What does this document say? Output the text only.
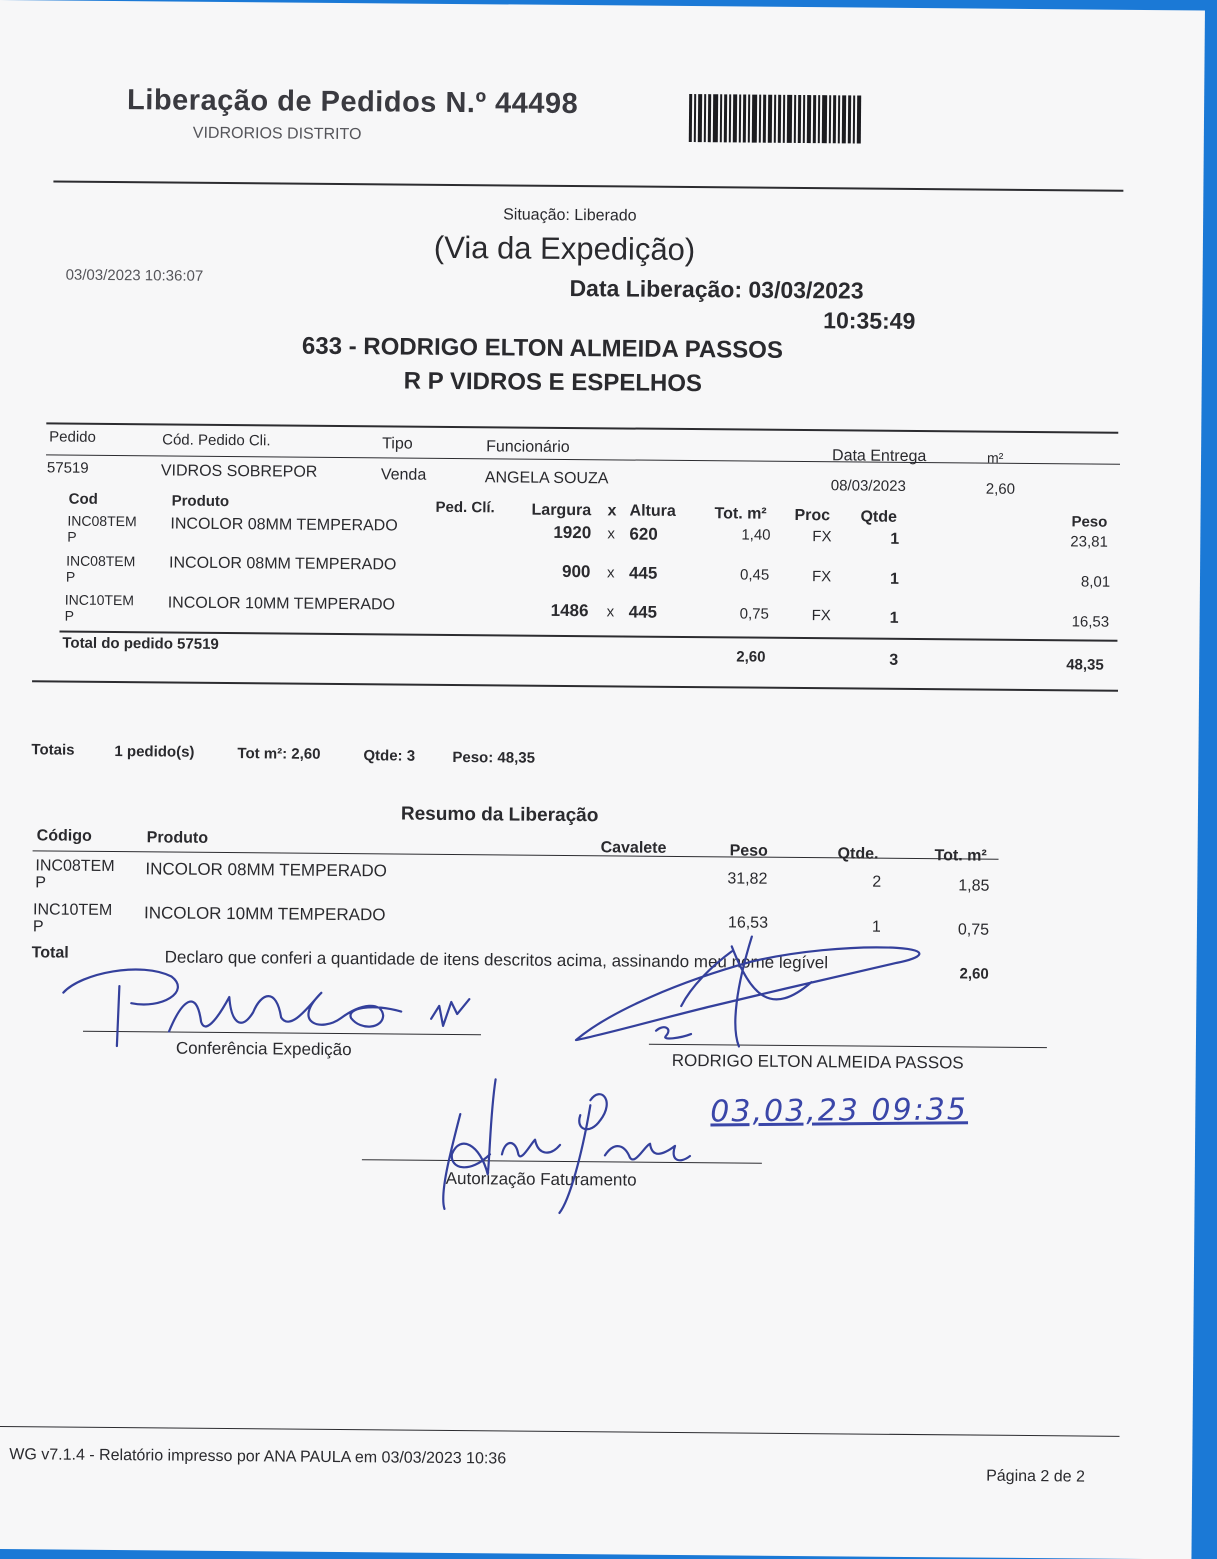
Liberação de Pedidos N.º 44498
VIDRORIOS DISTRITO
Situação: Liberado
(Via da Expedição)
03/03/2023 10:36:07	Data Liberação: 03/03/2023
10:35:49
633 - RODRIGO ELTON ALMEIDA PASSOS
R P VIDROS E ESPELHOS
Pedido	Cód. Pedido Cli.	Tipo	Funcionário
Data Entrega	m²
57519	VIDROS SOBREPOR	Venda	ANGELA SOUZA	08/03/2023	2,60
Cod	Produto	Ped. Clí. Largura x Altura Tot. m² Proc Qtde	Peso
INC08TEM
P
INCOLOR 08MM TEMPERADO	1920 x 620	1,40	FX	1	23,81
INC08TEM
P
INCOLOR 08MM TEMPERADO	900 x 445	0,45	FX	1	8,01
INC10TEM
P
INCOLOR 10MM TEMPERADO	1486 x 445	0,75	FX	1	16,53
Total do pedido 57519
2,60	3	48,35
Totais	1 pedido(s)	Tot m²: 2,60	Qtde: 3 Peso: 48,35
Resumo da Liberação
Código	Produto
Cavalete	Peso	Qtde.	Tot. m²
INC08TEM
P
INCOLOR 08MM TEMPERADO	31,82	2	1,85
INC10TEM
P
INCOLOR 10MM TEMPERADO	16,53	1	0,75
Total	Declaro que conferi a quantidade de itens descritos acima, assinando meu nome legível
2,60
Conferência Expedição
RODRIGO ELTON ALMEIDA PASSOS
Autorização Faturamento
03,03,23 09:35
WG v7.1.4 - Relatório impresso por ANA PAULA em 03/03/2023 10:36
Página 2 de 2
